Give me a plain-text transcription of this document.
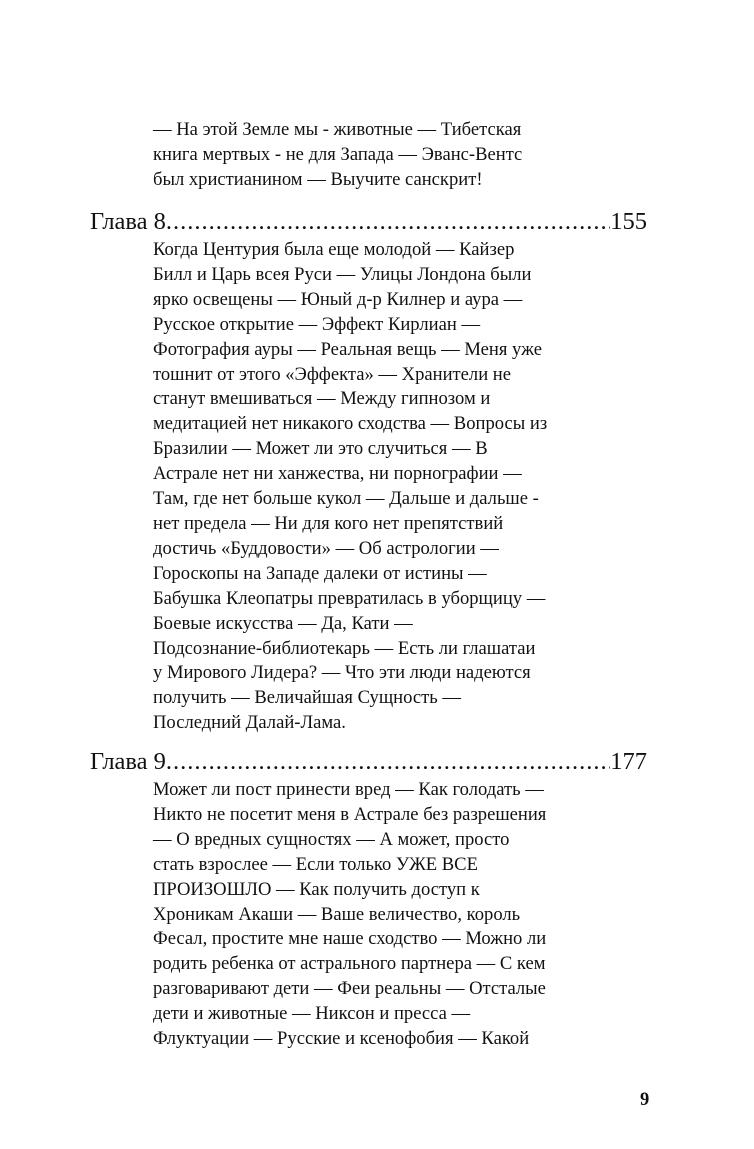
— На этой Земле мы - животные — Тибетская
книга мертвых - не для Запада — Эванс-Вентс
был христианином — Выучите санскрит!
Глава 8 .....	155
Когда Центурия была еще молодой — Кайзер
Билл и Царь всея Руси — Улицы Лондона были
ярко освещены — Юный д-р Килнер и аура —
Русское открытие — Эффект Кирлиан —
Фотография ауры — Реальная вещь — Меня уже
тошнит от этого «Эффекта» — Хранители не
станут вмешиваться — Между гипнозом и
медитацией нет никакого сходства — Вопросы из
Бразилии — Может ли это случиться — В
Астрале нет ни ханжества, ни порнографии —
Там, где нет больше кукол — Дальше и дальше -
нет предела — Ни для кого нет препятствий
достичь «Буддовости» — Об астрологии —
Гороскопы на Западе далеки от истины —
Бабушка Клеопатры превратилась в уборщицу —
Боевые искусства — Да, Кати —
Подсознание-библиотекарь — Есть ли глашатаи
у Мирового Лидера? — Что эти люди надеются
получить — Величайшая Сущность —
Последний Далай-Лама.
Глава 9 .....	177
Может ли пост принести вред — Как голодать —
Никто не посетит меня в Астрале без разрешения
— О вредных сущностях — А может, просто
стать взрослее — Если только УЖЕ ВСЕ
ПРОИЗОШЛО — Как получить доступ к
Хроникам Акаши — Ваше величество, король
Фесал, простите мне наше сходство — Можно ли
родить ребенка от астрального партнера — С кем
разговаривают дети — Феи реальны — Отсталые
дети и животные — Никсон и пресса —
Флуктуации — Русские и ксенофобия — Какой
9
